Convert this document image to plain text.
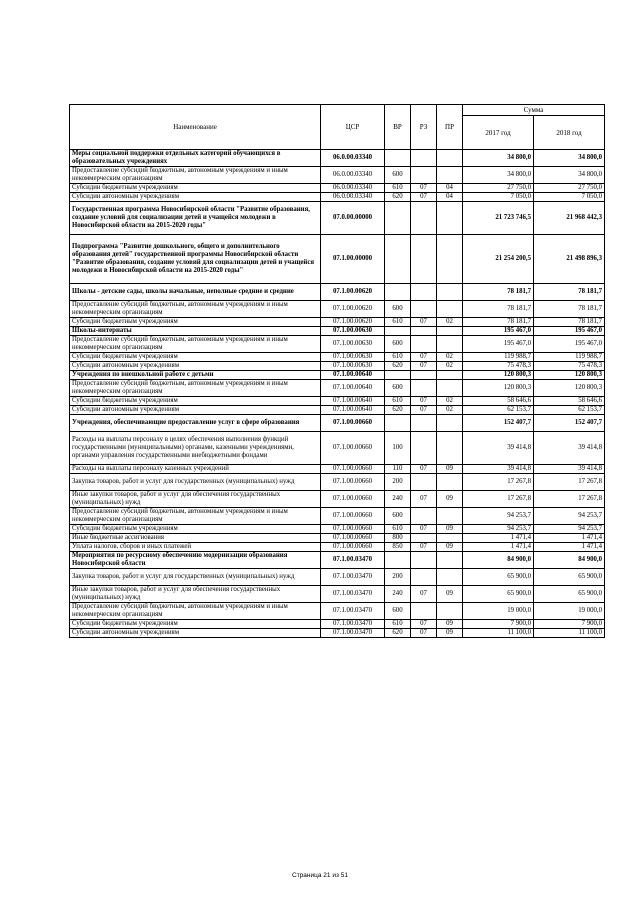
Наименование	ЦСР	ВР	РЗ	ПР	Сумма	
					2017 год	2018 год
Меры социальной поддержки отдельных категорий обучающихся в образовательных учреждениях	06.0.00.03340				34 800,0	34 800,0
Предоставление субсидий бюджетным, автономным учреждениям и иным некоммерческим организациям	06.0.00.03340	600			34 800,0	34 800,0
Субсидии бюджетным учреждениям	06.0.00.03340	610	07	04	27 750,0	27 750,0
Субсидии автономным учреждениям	06.0.00.03340	620	07	04	7 050,0	7 050,0
Государственная программа Новосибирской области "Развитие образования, создание условий для социализации детей и учащейся молодежи в Новосибирской области на 2015-2020 годы"	07.0.00.00000				21 723 746,5	21 968 442,3
Подпрограмма "Развитие дошкольного, общего и дополнительного образования детей" государственной программы Новосибирской области "Развитие образования, создание условий для социализации детей и учащейся молодежи в Новосибирской области на 2015-2020 годы"	07.1.00.00000				21 254 200,5	21 498 896,3
Школы - детские сады, школы начальные, неполные средние и средние	07.1.00.00620				78 181,7	78 181,7
Предоставление субсидий бюджетным, автономным учреждениям и иным некоммерческим организациям	07.1.00.00620	600			78 181,7	78 181,7
Субсидии бюджетным учреждениям	07.1.00.00620	610	07	02	78 181,7	78 181,7
Школы-интернаты	07.1.00.00630				195 467,0	195 467,0
Предоставление субсидий бюджетным, автономным учреждениям и иным некоммерческим организациям	07.1.00.00630	600			195 467,0	195 467,0
Субсидии бюджетным учреждениям	07.1.00.00630	610	07	02	119 988,7	119 988,7
Субсидии автономным учреждениям	07.1.00.00630	620	07	02	75 478,3	75 478,3
Учреждения по внешкольной работе с детьми	07.1.00.00640				120 800,3	120 800,3
Предоставление субсидий бюджетным, автономным учреждениям и иным некоммерческим организациям	07.1.00.00640	600			120 800,3	120 800,3
Субсидии бюджетным учреждениям	07.1.00.00640	610	07	02	58 646,6	58 646,6
Субсидии автономным учреждениям	07.1.00.00640	620	07	02	62 153,7	62 153,7
Учреждения, обеспечивающие предоставление услуг в сфере образования	07.1.00.00660				152 407,7	152 407,7
Расходы на выплаты персоналу в целях обеспечения выполнения функций государственными (муниципальными) органами, казенными учреждениями, органами управления государственными внебюджетными фондами	07.1.00.00660	100			39 414,8	39 414,8
Расходы на выплаты персоналу казенных учреждений	07.1.00.00660	110	07	09	39 414,8	39 414,8
Закупка товаров, работ и услуг для государственных (муниципальных) нужд	07.1.00.00660	200			17 267,8	17 267,8
Иные закупки товаров, работ и услуг для обеспечения государственных (муниципальных) нужд	07.1.00.00660	240	07	09	17 267,8	17 267,8
Предоставление субсидий бюджетным, автономным учреждениям и иным некоммерческим организациям	07.1.00.00660	600			94 253,7	94 253,7
Субсидии бюджетным учреждениям	07.1.00.00660	610	07	09	94 253,7	94 253,7
Иные бюджетные ассигнования	07.1.00.00660	800			1 471,4	1 471,4
Уплата налогов, сборов и иных платежей	07.1.00.00660	850	07	09	1 471,4	1 471,4
Мероприятия по ресурсному обеспечению модернизации образования Новосибирской области	07.1.00.03470				84 900,0	84 900,0
Закупка товаров, работ и услуг для государственных (муниципальных) нужд	07.1.00.03470	200			65 900,0	65 900,0
Иные закупки товаров, работ и услуг для обеспечения государственных (муниципальных) нужд	07.1.00.03470	240	07	09	65 900,0	65 900,0
Предоставление субсидий бюджетным, автономным учреждениям и иным некоммерческим организациям	07.1.00.03470	600			19 000,0	19 000,0
Субсидии бюджетным учреждениям	07.1.00.03470	610	07	09	7 900,0	7 900,0
Субсидии автономным учреждениям	07.1.00.03470	620	07	09	11 100,0	11 100,0
Страница 21 из 51
